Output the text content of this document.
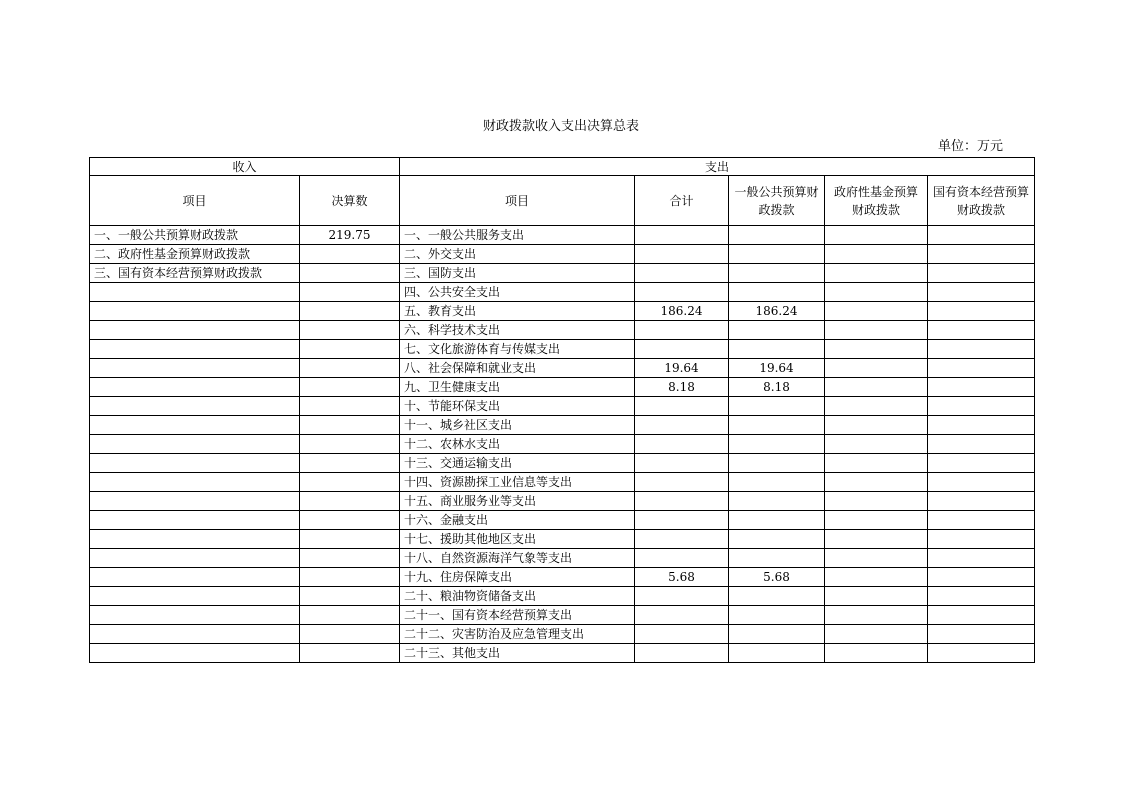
财政拨款收入支出决算总表
单位：万元
收入		支出				
项目	决算数	项目	合计	一般公共预算财政拨款	政府性基金预算财政拨款	国有资本经营预算财政拨款
一、一般公共预算财政拨款	219.75	一、一般公共服务支出				
二、政府性基金预算财政拨款		二、外交支出				
三、国有资本经营预算财政拨款		三、国防支出				
		四、公共安全支出				
		五、教育支出	186.24	186.24		
		六、科学技术支出				
		七、文化旅游体育与传媒支出				
		八、社会保障和就业支出	19.64	19.64		
		九、卫生健康支出	8.18	8.18		
		十、节能环保支出				
		十一、城乡社区支出				
		十二、农林水支出				
		十三、交通运输支出				
		十四、资源勘探工业信息等支出				
		十五、商业服务业等支出				
		十六、金融支出				
		十七、援助其他地区支出				
		十八、自然资源海洋气象等支出				
		十九、住房保障支出	5.68	5.68		
		二十、粮油物资储备支出				
		二十一、国有资本经营预算支出				
		二十二、灾害防治及应急管理支出				
		二十三、其他支出				
